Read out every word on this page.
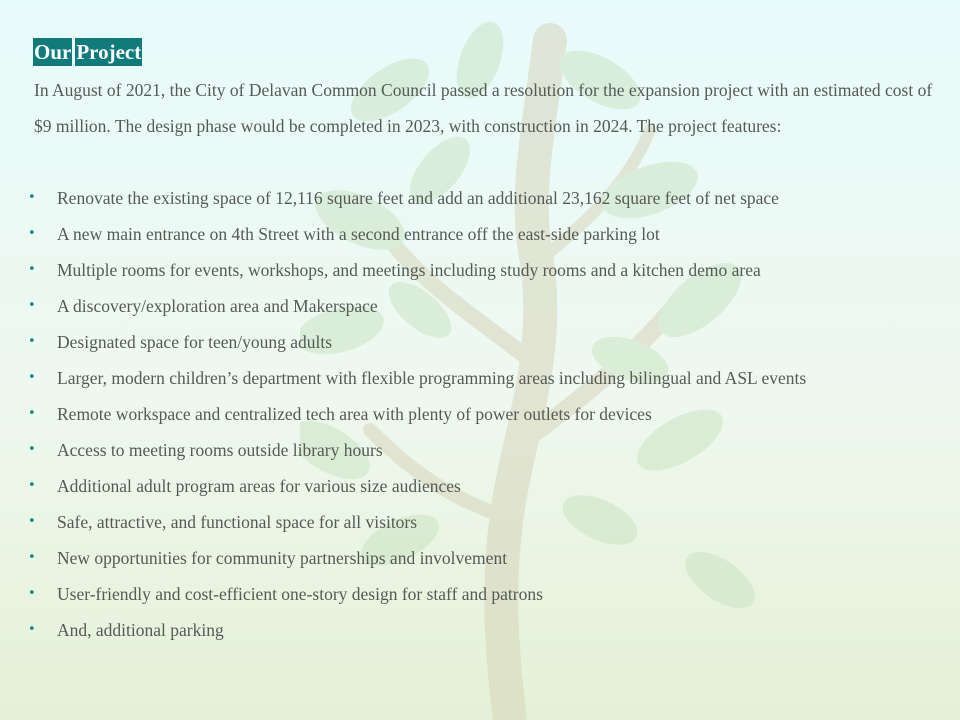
Our Project

In August of 2021, the City of Delavan Common Council passed a resolution for the expansion project with an estimated cost of $9 million. The design phase would be completed in 2023, with construction in 2024. The project features:

• Renovate the existing space of 12,116 square feet and add an additional 23,162 square feet of net space
• A new main entrance on 4th Street with a second entrance off the east-side parking lot
• Multiple rooms for events, workshops, and meetings including study rooms and a kitchen demo area
• A discovery/exploration area and Makerspace
• Designated space for teen/young adults
• Larger, modern children’s department with flexible programming areas including bilingual and ASL events
• Remote workspace and centralized tech area with plenty of power outlets for devices
• Access to meeting rooms outside library hours
• Additional adult program areas for various size audiences
• Safe, attractive, and functional space for all visitors
• New opportunities for community partnerships and involvement
• User-friendly and cost-efficient one-story design for staff and patrons
• And, additional parking
